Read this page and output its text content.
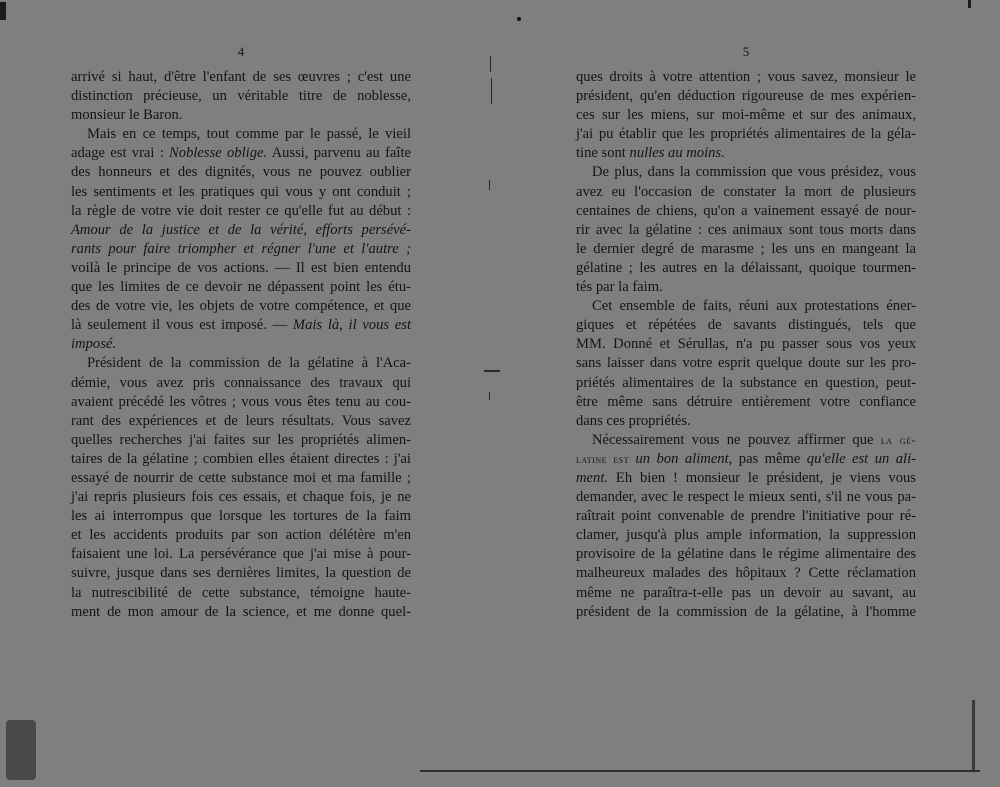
4
arrivé si haut, d'être l'enfant de ses œuvres ; c'est une
distinction précieuse, un véritable titre de noblesse,
monsieur le Baron.
Mais en ce temps, tout comme par le passé, le vieil
adage est vrai : Noblesse oblige. Aussi, parvenu au faîte
des honneurs et des dignités, vous ne pouvez oublier
les sentiments et les pratiques qui vous y ont conduit ;
la règle de votre vie doit rester ce qu'elle fut au début :
Amour de la justice et de la vérité, efforts persévé-
rants pour faire triompher et régner l'une et l'autre ;
voilà le principe de vos actions. — Il est bien entendu
que les limites de ce devoir ne dépassent point les étu-
des de votre vie, les objets de votre compétence, et que
là seulement il vous est imposé. — Mais là, il vous est
imposé.
Président de la commission de la gélatine à l'Aca-
démie, vous avez pris connaissance des travaux qui
avaient précédé les vôtres ; vous vous êtes tenu au cou-
rant des expériences et de leurs résultats. Vous savez
quelles recherches j'ai faites sur les propriétés alimen-
taires de la gélatine ; combien elles étaient directes : j'ai
essayé de nourrir de cette substance moi et ma famille ;
j'ai repris plusieurs fois ces essais, et chaque fois, je ne
les ai interrompus que lorsque les tortures de la faim
et les accidents produits par son action délétère m'en
faisaient une loi. La persévérance que j'ai mise à pour-
suivre, jusque dans ses dernières limites, la question de
la nutrescibilité de cette substance, témoigne haute-
ment de mon amour de la science, et me donne quel-
5
ques droits à votre attention ; vous savez, monsieur le
président, qu'en déduction rigoureuse de mes expérien-
ces sur les miens, sur moi-même et sur des animaux,
j'ai pu établir que les propriétés alimentaires de la géla-
tine sont nulles au moins.
De plus, dans la commission que vous présidez, vous
avez eu l'occasion de constater la mort de plusieurs
centaines de chiens, qu'on a vainement essayé de nour-
rir avec la gélatine : ces animaux sont tous morts dans
le dernier degré de marasme ; les uns en mangeant la
gélatine ; les autres en la délaissant, quoique tourmen-
tés par la faim.
Cet ensemble de faits, réuni aux protestations éner-
giques et répétées de savants distingués, tels que
MM. Donné et Sérullas, n'a pu passer sous vos yeux
sans laisser dans votre esprit quelque doute sur les pro-
priétés alimentaires de la substance en question, peut-
être même sans détruire entièrement votre confiance
dans ces propriétés.
Nécessairement vous ne pouvez affirmer que la gé-
latine est un bon aliment, pas même qu'elle est un ali-
ment. Eh bien ! monsieur le président, je viens vous
demander, avec le respect le mieux senti, s'il ne vous pa-
raîtrait point convenable de prendre l'initiative pour ré-
clamer, jusqu'à plus ample information, la suppression
provisoire de la gélatine dans le régime alimentaire des
malheureux malades des hôpitaux ? Cette réclamation
même ne paraîtra-t-elle pas un devoir au savant, au
président de la commission de la gélatine, à l'homme
